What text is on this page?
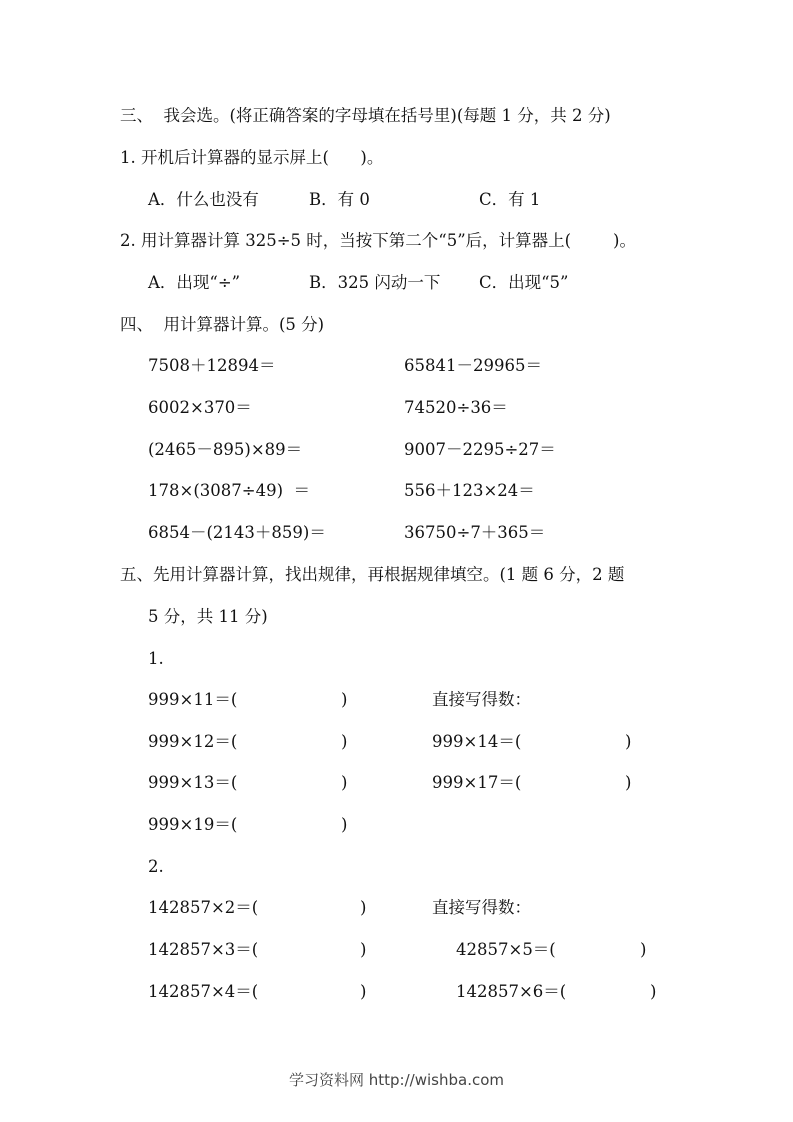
三、  我会选。(将正确答案的字母填在括号里)(每题 1 分，共 2 分)
1. 开机后计算器的显示屏上(      )。
A．什么也没有	B．有 0	C．有 1
2. 用计算器计算 325÷5 时，当按下第二个“5”后，计算器上(        )。
A．出现“÷”	B．325 闪动一下 C．出现“5”
四、  用计算器计算。(5 分)
7508＋12894＝	65841－29965＝
6002×370＝	74520÷36＝
(2465－895)×89＝	9007－2295÷27＝
178×(3087÷49)  ＝	556＋123×24＝
6854－(2143＋859)＝	36750÷7＋365＝
五、先用计算器计算，找出规律，再根据规律填空。(1 题 6 分，2 题
5 分，共 11 分)
1.
999×11＝(	)	直接写得数：
999×12＝(	)	999×14＝(	)
999×13＝(	)	999×17＝(	)
999×19＝(	)
2.
142857×2＝(	)	直接写得数：
142857×3＝(	)	42857×5＝(	)
142857×4＝(	)	142857×6＝(	)
学习资料网 http://wishba.com
